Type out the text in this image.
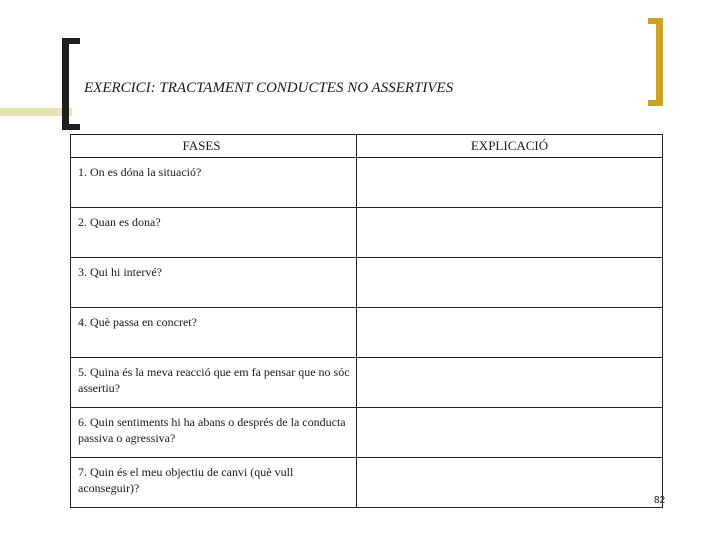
EXERCICI: TRACTAMENT CONDUCTES NO ASSERTIVES
FASES	EXPLICACIÓ
1. On es dóna la situació?	
2. Quan es dona?	
3. Qui hi intervé?	
4. Què passa en concret?	
5. Quina és la meva reacció que em fa pensar que no sóc assertiu?	
6. Quin sentiments hi ha abans o després de la conducta passiva o agressiva?	
7. Quin és el meu objectiu de canvi (què vull aconseguir)?	
82
